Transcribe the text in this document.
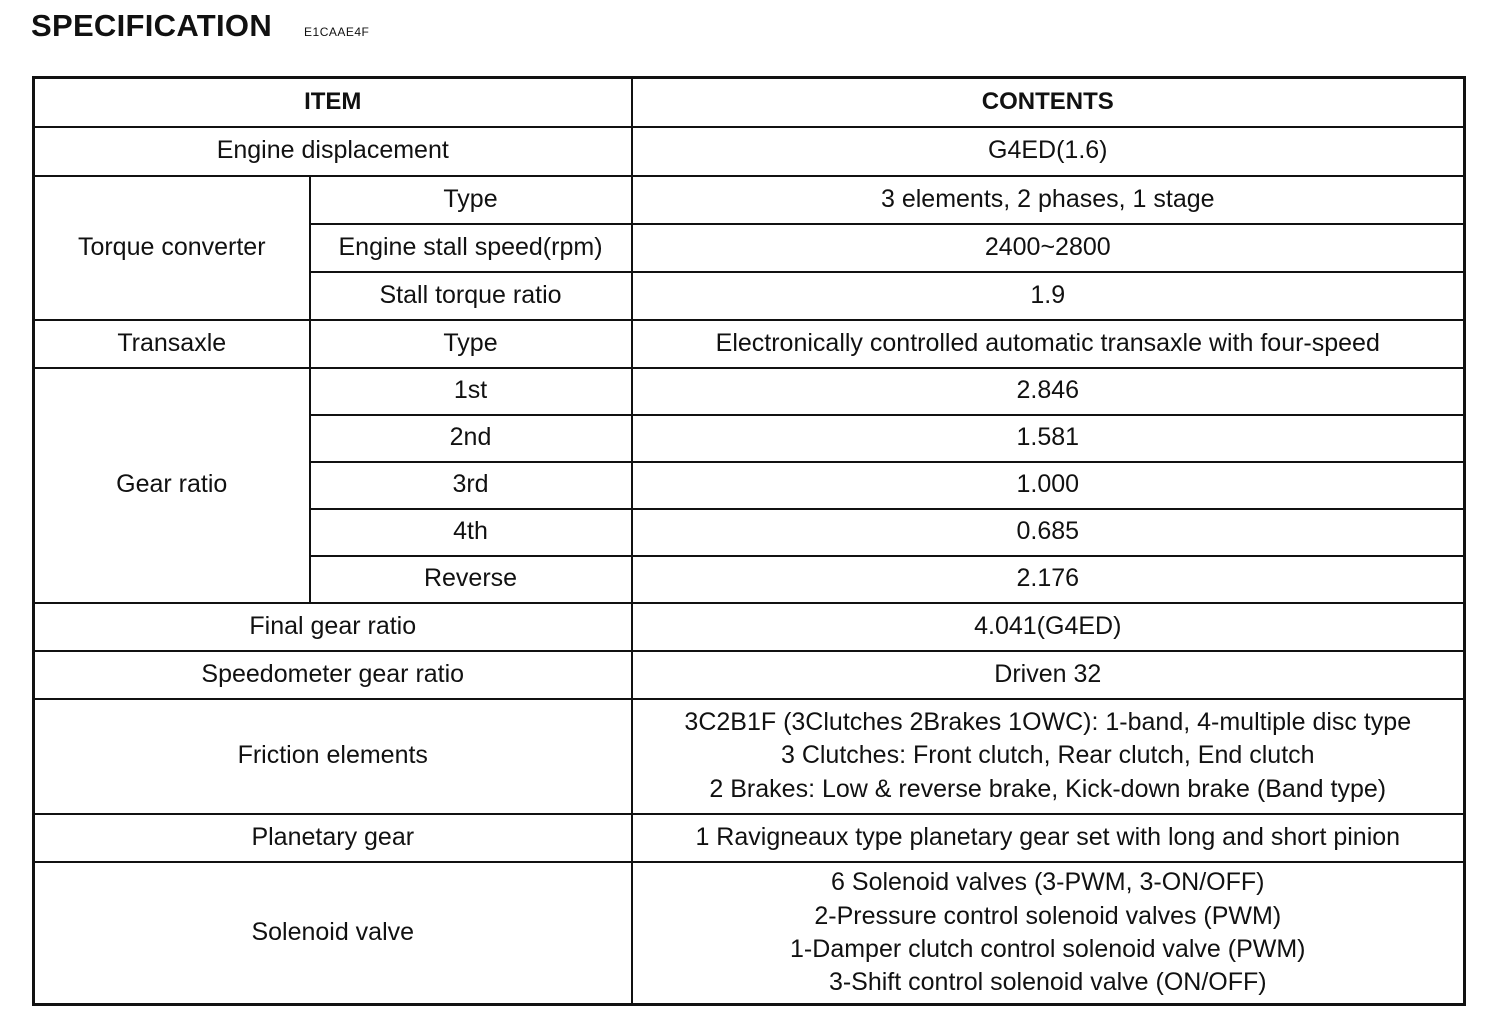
SPECIFICATION	E1CAAE4F
ITEM		CONTENTS
Engine displacement		G4ED(1.6)
Torque converter	Type	3 elements, 2 phases, 1 stage
	Engine stall speed(rpm)	2400~2800
	Stall torque ratio	1.9
Transaxle	Type	Electronically controlled automatic transaxle with four-speed
Gear ratio	1st	2.846
	2nd	1.581
	3rd	1.000
	4th	0.685
	Reverse	2.176
Final gear ratio		4.041(G4ED)
Speedometer gear ratio		Driven 32
Friction elements		3C2B1F (3Clutches 2Brakes 1OWC): 1-band, 4-multiple disc type
3 Clutches: Front clutch, Rear clutch, End clutch
2 Brakes: Low & reverse brake, Kick-down brake (Band type)

Planetary gear		1 Ravigneaux type planetary gear set with long and short pinion
Solenoid valve		6 Solenoid valves (3-PWM, 3-ON/OFF)
2-Pressure control solenoid valves (PWM)
1-Damper clutch control solenoid valve (PWM)
3-Shift control solenoid valve (ON/OFF)
